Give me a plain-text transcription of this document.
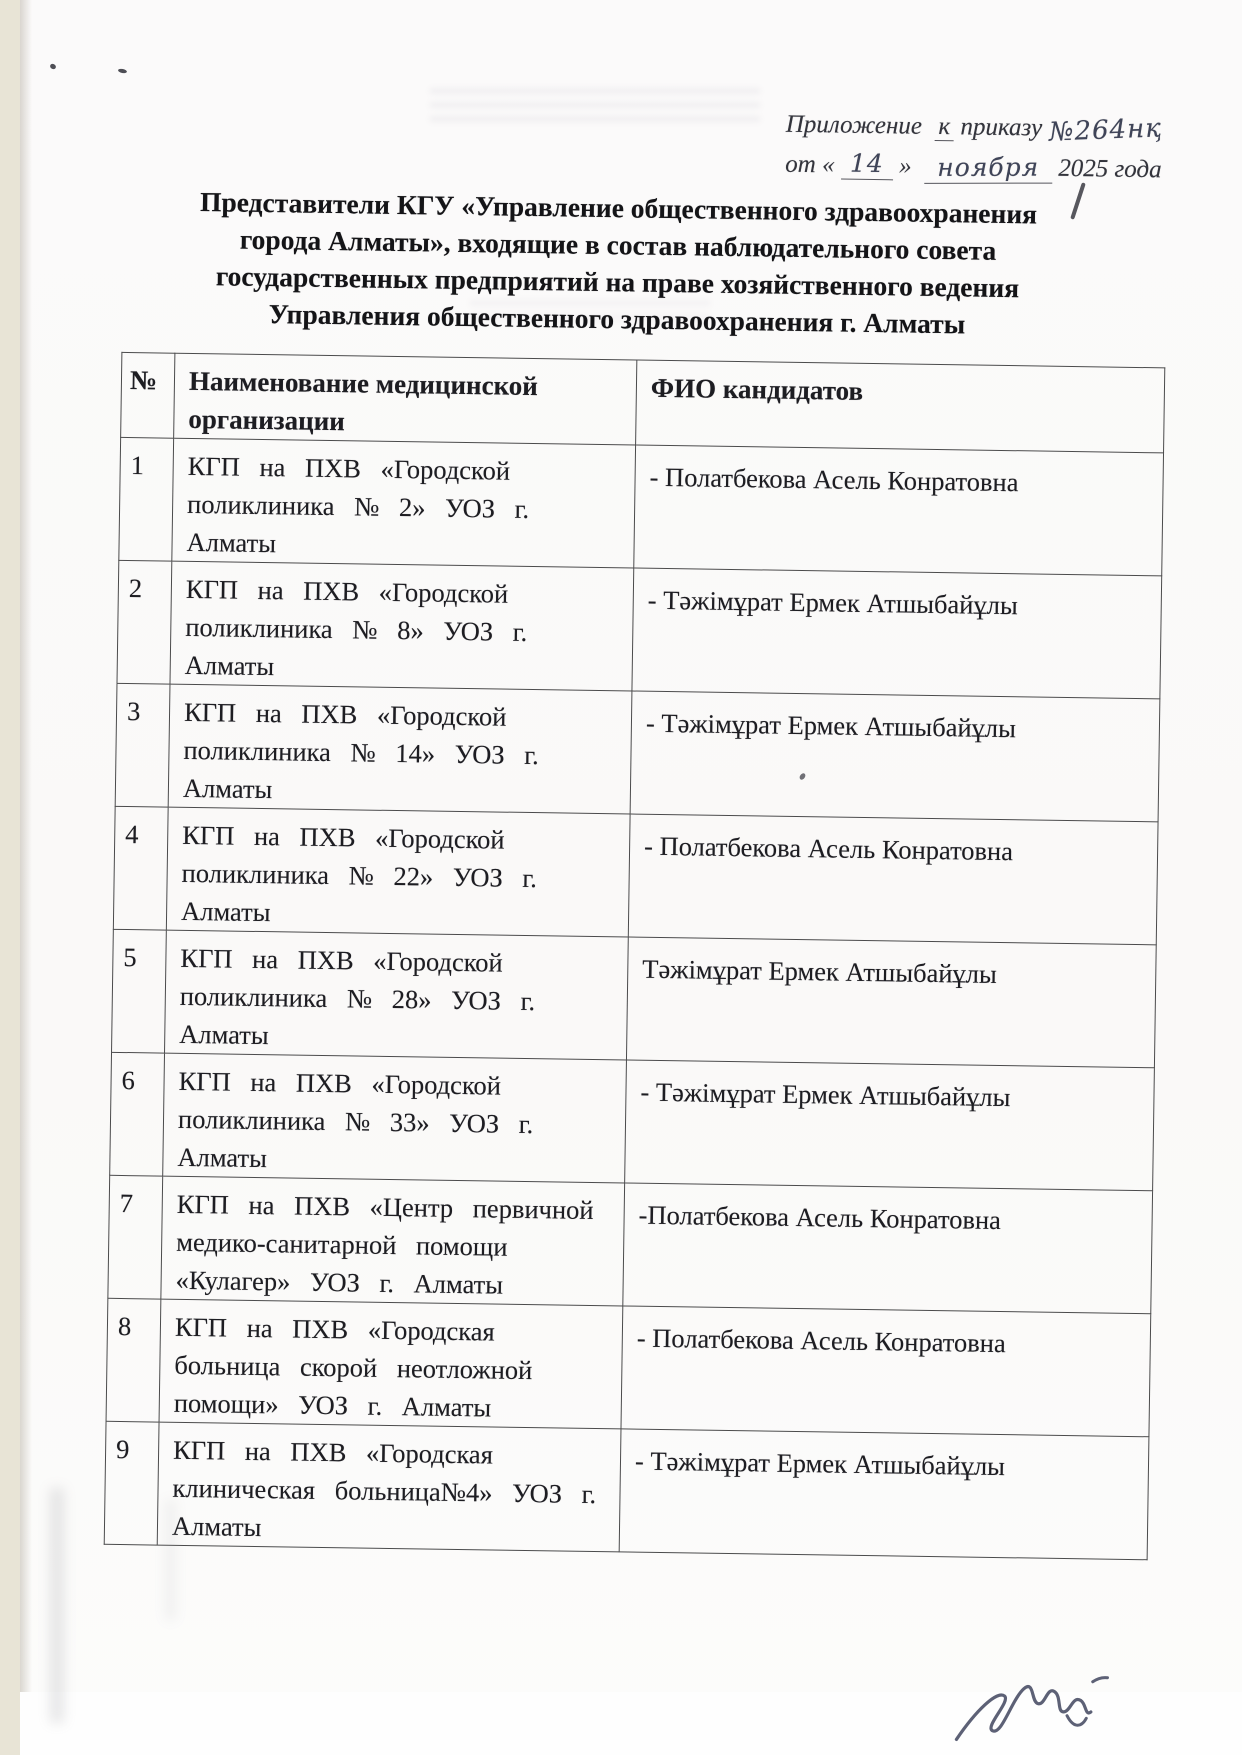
Приложение к приказу №264нқ
от « 14 » ноября 2025 года
Представители КГУ «Управление общественного здравоохранения
города Алматы», входящие в состав наблюдательного совета
государственных предприятий на праве хозяйственного ведения
Управления общественного здравоохранения г. Алматы
№	Наименование медицинской организации	ФИО кандидатов
1	КГП на ПХВ «Городской поликлиника № 2» УОЗ г. Алматы	- Полатбекова Асель Конратовна
2	КГП на ПХВ «Городской поликлиника № 8» УОЗ г. Алматы	- Тәжімұрат Ермек Атшыбайұлы
3	КГП на ПХВ «Городской поликлиника № 14» УОЗ г. Алматы	- Тәжімұрат Ермек Атшыбайұлы
4	КГП на ПХВ «Городской поликлиника № 22» УОЗ г. Алматы	- Полатбекова Асель Конратовна
5	КГП на ПХВ «Городской поликлиника № 28» УОЗ г. Алматы	Тәжімұрат Ермек Атшыбайұлы
6	КГП на ПХВ «Городской поликлиника № 33» УОЗ г. Алматы	- Тәжімұрат Ермек Атшыбайұлы
7	КГП на ПХВ «Центр первичной медико-санитарной помощи «Кулагер» УОЗ г. Алматы	-Полатбекова Асель Конратовна
8	КГП на ПХВ «Городская больница скорой неотложной помощи» УОЗ г. Алматы	- Полатбекова Асель Конратовна
9	КГП на ПХВ «Городская клиническая больница№4» УОЗ г. Алматы	- Тәжімұрат Ермек Атшыбайұлы
